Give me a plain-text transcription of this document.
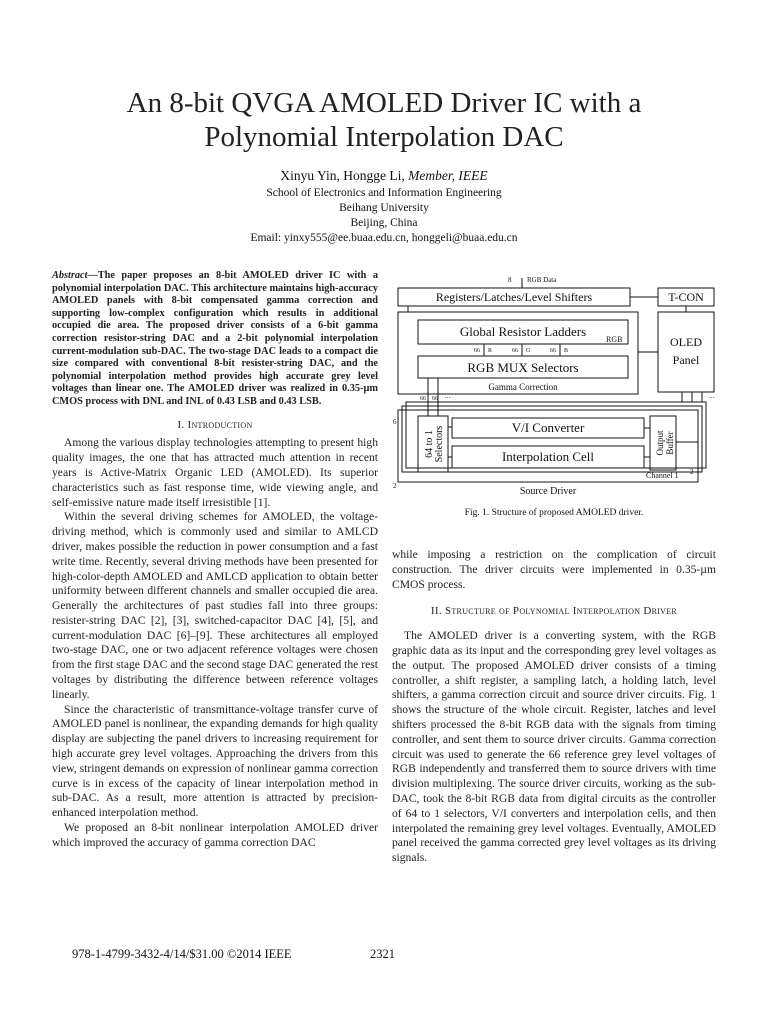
An 8-bit QVGA AMOLED Driver IC with a
Polynomial Interpolation DAC
Xinyu Yin, Hongge Li, Member, IEEE
School of Electronics and Information Engineering
Beihang University
Beijing, China
Email: yinxy555@ee.buaa.edu.cn, honggeli@buaa.edu.cn

Abstract—The paper proposes an 8-bit AMOLED driver IC with a polynomial interpolation DAC. This architecture maintains high-accuracy AMOLED panels with 8-bit compensated gamma correction and supporting low-complex configuration which results in additional occupied die area. The proposed driver consists of a 6-bit gamma correction resistor-string DAC and a 2-bit polynomial interpolation current-modulation sub-DAC. The two-stage DAC leads to a compact die size compared with conventional 8-bit resister-string DAC, and the polynomial interpolation method provides high accurate grey level voltages than linear one. The AMOLED driver was realized in 0.35-µm CMOS process with DNL and INL of 0.43 LSB and 0.43 LSB.

I. Introduction

Among the various display technologies attempting to present high quality images, the one that has attracted much attention in recent years is Active-Matrix Organic LED (AMOLED). Its superior characteristics such as fast response time, wide viewing angle, and self-emissive nature made itself irresistible [1].

Within the several driving schemes for AMOLED, the voltage-driving method, which is commonly used and similar to AMLCD driver, makes possible the reduction in power consumption and a fast write time. Recently, several driving methods have been presented for high-color-depth AMOLED and AMLCD application to obtain better uniformity between different channels and smaller occupied die area. Generally the architectures of past studies fall into three groups: resister-string DAC [2], [3], switched-capacitor DAC [4], [5], and current-modulation DAC [6]–[9]. These architectures all employed two-stage DAC, one or two adjacent reference voltages were chosen from the first stage DAC and the second stage DAC generated the rest voltages by distributing the difference between reference voltages linearly.

Since the characteristic of transmittance-voltage transfer curve of AMOLED panel is nonlinear, the expanding demands for high quality display are subjecting the panel drivers to increasing requirement for high accurate grey level voltages. Approaching the drivers from this view, stringent demands on expression of nonlinear gamma correction curve is in excess of the capacity of linear interpolation method in sub-DAC. As a result, more attention is attracted by precision-enhanced interpolation method.

We proposed an 8-bit nonlinear interpolation AMOLED driver which improved the accuracy of gamma correction DAC

8 RGB Data
Registers/Latches/Level Shifters	T-CON
Global Resistor Ladders
RGB	OLED
Panel
66 R	66 G	66 B
RGB MUX Selectors
Gamma Correction
66 66 ···	···
64 to 1 Selectors	V/I Converter
Interpolation Cell
Output Buffer
Channel 1 2
6
2	Source Driver
Fig. 1. Structure of proposed AMOLED driver.

while imposing a restriction on the complication of circuit construction. The driver circuits were implemented in 0.35-µm CMOS process.

II. Structure of Polynomial Interpolation Driver

The AMOLED driver is a converting system, with the RGB graphic data as its input and the corresponding grey level voltages as the output. The proposed AMOLED driver consists of a timing controller, a shift register, a sampling latch, a holding latch, level shifters, a gamma correction circuit and source driver circuits. Fig. 1 shows the structure of the whole circuit. Register, latches and level shifters processed the 8-bit RGB data with the signals from timing controller, and sent them to source driver circuits. Gamma correction circuit was used to generate the 66 reference grey level voltages of RGB independently and transferred them to source drivers with time division multiplexing. The source driver circuits, working as the sub-DAC, took the 8-bit RGB data from digital circuits as the controller of 64 to 1 selectors, V/I converters and interpolation cells, and then interpolated the remaining grey level voltages. Eventually, AMOLED panel received the gamma corrected grey level voltages as its driving signals.

978-1-4799-3432-4/14/$31.00 ©2014 IEEE	2321
